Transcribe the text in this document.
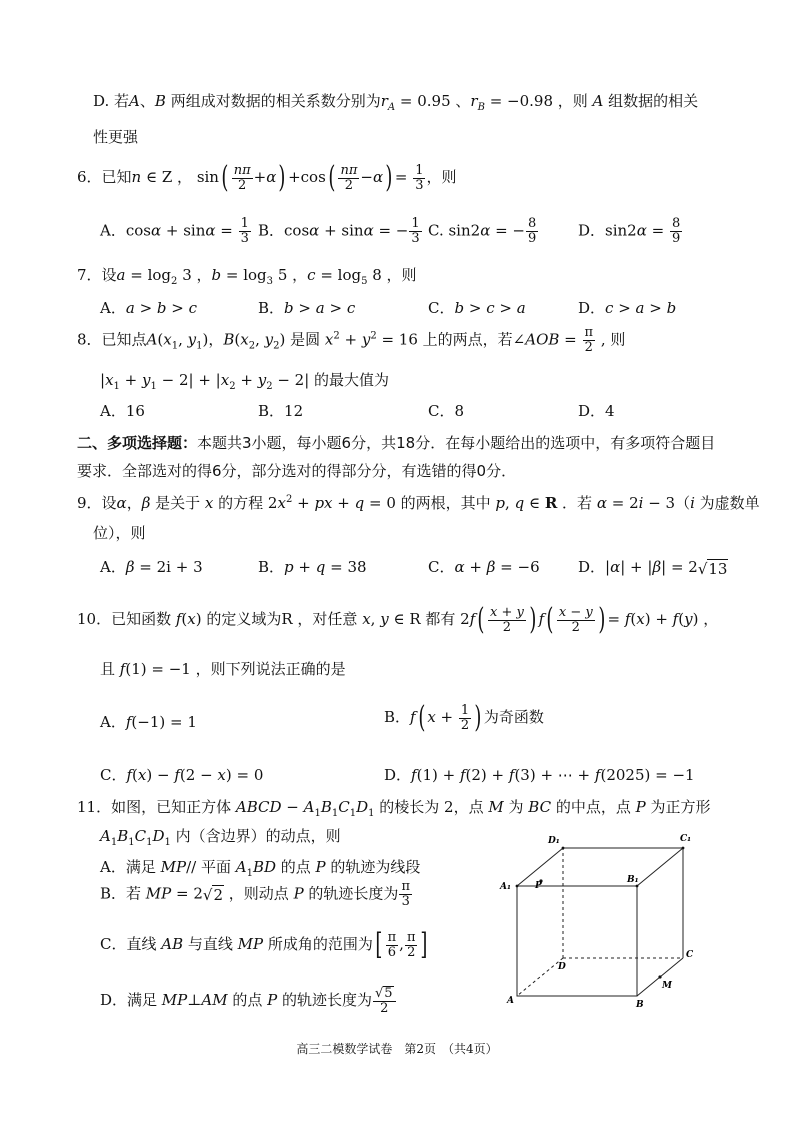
D. 若A、B 两组成对数据的相关系数分别为$r_A = 0.95$ 、$r_B = -0.98$ ，则 A 组数据的相关
性更强
6．已知n ∈ Z ， $\sin( \frac{n\pi}{2} +\alpha) +\cos( \frac{n\pi}{2} -\alpha) = \frac{1}{3}$ ，则
A．$\cos\alpha + \sin\alpha = \frac{1}{3}$ B．cosα + sinα = − $\frac{1}{3} C$. sin2α = − $\frac{8}{9}$	D．$\sin 2\alpha = \frac{8}{9}$
7．设$a = \log_2 3$ ，$b = \log_3 5$ ，$c = \log_5 8$ ，则
A．a > b > c	B．b > a > c	C．b > c > a	D．c > a > b
8．已知点$A(x_1$, $y_1$)，$B(x_2$, $y_2$) 是圆 $x^2 + y^2 = 16$ 上的两点，若∠AOB = $\frac{\pi}{2}$ , 则
$|x_1 + y_1 - 2| + |x_2 + y_2 - 2|$ 的最大值为
A．16	B．12	C．8	D．4
二、多项选择题：本题共3小题，每小题6分，共18分．在每小题给出的选项中，有多项符合题目要求．全部选对的得6分，部分选对的得部分分，有选错的得0分．
9．设α，β 是关于 x 的方程 $2x^2$ + px + q = 0 的两根，其中 p, q ∈ R ．若 α = 2i − 3（i 为虚数单
位），则
A．β = 2i + 3	B．p + q = 38	C．α + β = −6	D．|α| + |β| = 2√13
10．已知函数 f(x) 的定义域为R ，对任意 x, y ∈ R 都有 $2f( \frac{x + y}{2}$ ) $f( \frac{x - y}{2}$ ) = f(x) + f(y) ，
且 f(1) = −1 ，则下列说法正确的是
A．f(−1) = 1	B．f( $x + \frac{1}{2}$ ) 为奇函数
C．f(x) − f(2 − x) = 0	D．f(1) + f(2) + f(3) + ⋯ + f(2025) = −1
11．如图，已知正方体 ABCD − $A_1B_1C_1D_1$ 的棱长为 2，点 M 为 BC 的中点，点 P 为正方形
$A_1B_1C_1D_1$ 内（含边界）的动点，则
A．满足 MP// 平面 $A_1BD$ 的点 P 的轨迹为线段
B．若 MP = 2√2 ，则动点 P 的轨迹长度为 $\frac{\pi}{3}$
C．直线 AB 与直线 MP 所成角的范围为[ $\frac{\pi}{6}$ , $\frac{\pi}{2}$ ]
D．满足 MP⊥AM 的点 P 的轨迹长度为 $\frac{√5}{2}$
D₁	C₁
A₁	P
B₁
D
C
M
A	B
高三二模数学试卷　第2页　（共4页）
